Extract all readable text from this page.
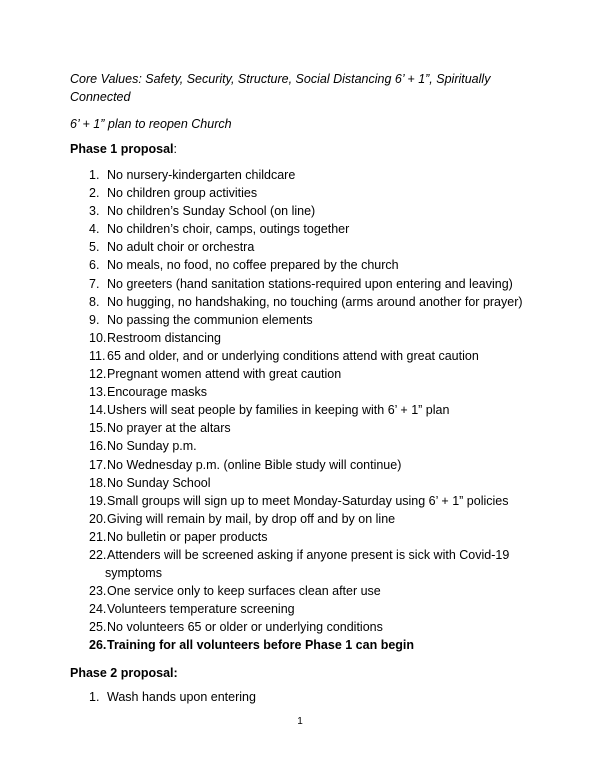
Core Values: Safety, Security, Structure, Social Distancing 6’ + 1”, Spiritually Connected
6’ + 1” plan to reopen Church
Phase 1 proposal:
1. No nursery-kindergarten childcare
2. No children group activities
3. No children’s Sunday School (on line)
4. No children’s choir, camps, outings together
5. No adult choir or orchestra
6. No meals, no food, no coffee prepared by the church
7. No greeters (hand sanitation stations-required upon entering and leaving)
8. No hugging, no handshaking, no touching (arms around another for prayer)
9. No passing the communion elements
10. Restroom distancing
11. 65 and older, and or underlying conditions attend with great caution
12. Pregnant women attend with great caution
13. Encourage masks
14. Ushers will seat people by families in keeping with 6’ + 1” plan
15. No prayer at the altars
16. No Sunday p.m.
17. No Wednesday p.m. (online Bible study will continue)
18. No Sunday School
19. Small groups will sign up to meet Monday-Saturday using 6’ + 1” policies
20. Giving will remain by mail, by drop off and by on line
21. No bulletin or paper products
22. Attenders will be screened asking if anyone present is sick with Covid-19
symptoms
23. One service only to keep surfaces clean after use
24. Volunteers temperature screening
25. No volunteers 65 or older or underlying conditions
26. Training for all volunteers before Phase 1 can begin
Phase 2 proposal:
1. Wash hands upon entering
1
